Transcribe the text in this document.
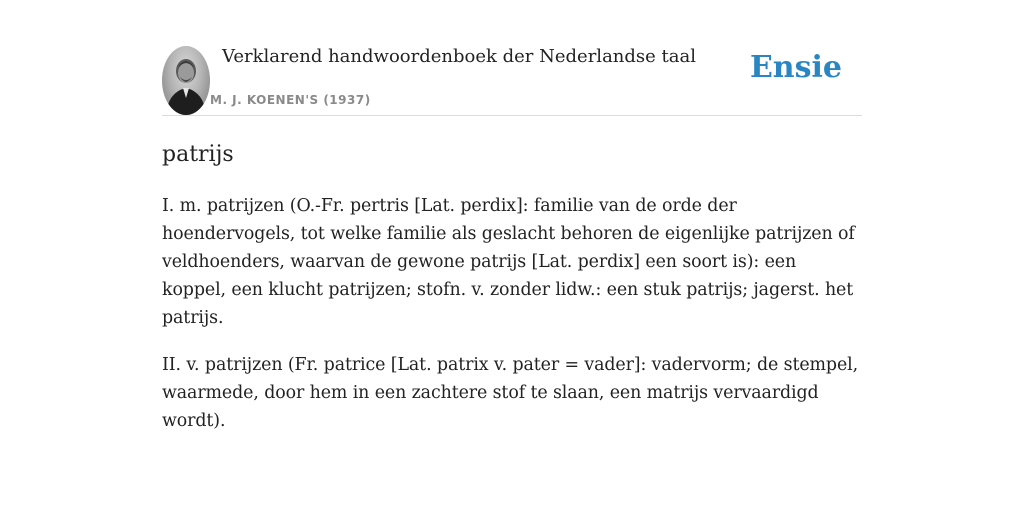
Verklarend handwoordenboek der Nederlandse taal
M. J. KOENEN'S (1937)
Ensie
patrijs

I. m. patrijzen (O.-Fr. pertris [Lat. perdix]: familie van de orde der hoendervogels, tot welke familie als geslacht behoren de eigenlijke patrijzen of veldhoenders, waarvan de gewone patrijs [Lat. perdix] een soort is): een koppel, een klucht patrijzen; stofn. v. zonder lidw.: een stuk patrijs; jagerst. het patrijs.

II. v. patrijzen (Fr. patrice [Lat. patrix v. pater = vader]: vadervorm; de stempel, waarmede, door hem in een zachtere stof te slaan, een matrijs vervaardigd wordt).
